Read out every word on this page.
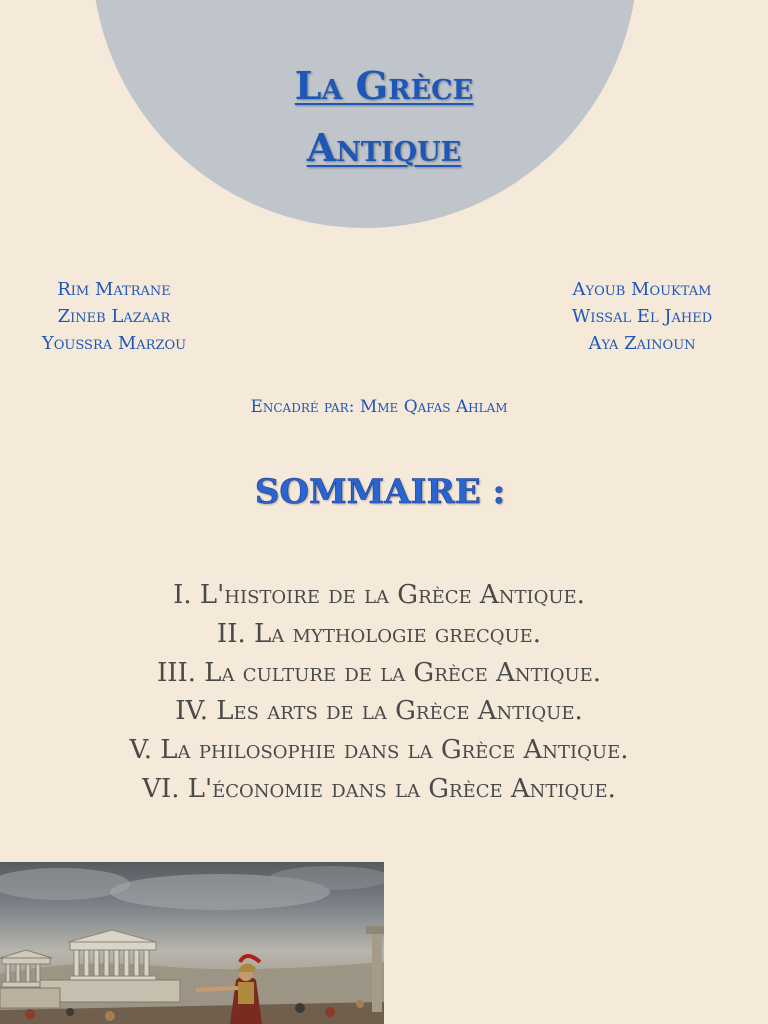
La Grèce
Antique
Rim Matrane
Zineb Lazaar
Youssra Marzou
Ayoub Mouktam
Wissal El Jahed
Aya Zainoun
Encadré par: Mme Qafas Ahlam
SOMMAIRE :
I. L'histoire de la Grèce Antique.
II. La mythologie grecque.
III. La culture de la Grèce Antique.
IV. Les arts de la Grèce Antique.
V. La philosophie dans la Grèce Antique.
VI. L'économie dans la Grèce Antique.
